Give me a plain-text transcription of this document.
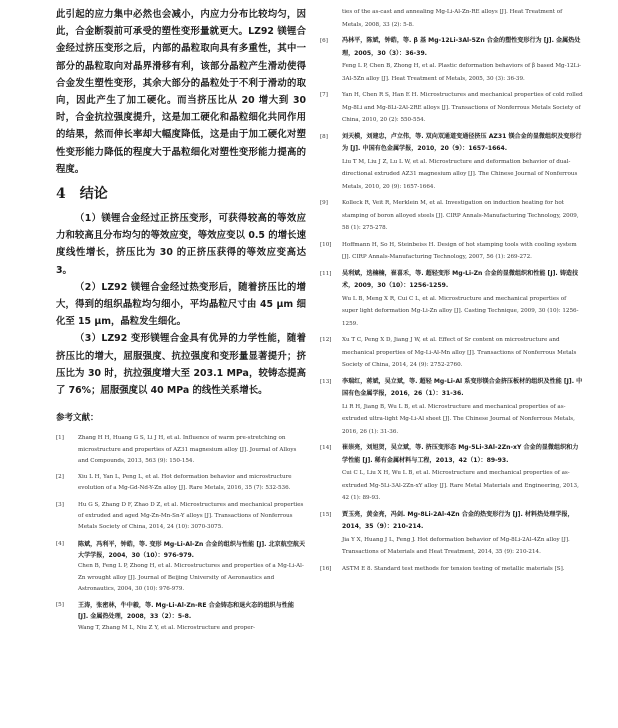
此引起的应力集中必然也会减小，内应力分布比较均匀，因此，合金断裂前可承受的塑性变形量就更大。LZ92 镁锂合金经过挤压变形之后，内部的晶粒取向具有多重性，其中一部分的晶粒取向对晶界滑移有利，该部分晶粒产生滑动使得合金发生塑性变形，其余大部分的晶粒处于不利于滑动的取向，因此产生了加工硬化。而当挤压比从 20 增大到 30 时，合金抗拉强度提升，这是加工硬化和晶粒细化共同作用的结果，然而伸长率却大幅度降低，这是由于加工硬化对塑性变形能力降低的程度大于晶粒细化对塑性变形能力提高的程度。

4 结论

（1）镁锂合金经过正挤压变形，可获得较高的等效应力和较高且分布均匀的等效应变，等效应变以 0.5 的增长速度线性增长，挤压比为 30 的正挤压获得的等效应变高达 3。

（2）LZ92 镁锂合金经过热变形后，随着挤压比的增大，得到的组织晶粒均匀细小，平均晶粒尺寸由 45 μm 细化至 15 μm，晶粒发生细化。

（3）LZ92 变形镁锂合金具有优异的力学性能，随着挤压比的增大，屈服强度、抗拉强度和变形量显著提升；挤压比为 30 时，抗拉强度增大至 203.1 MPa，较铸态提高了 76%；屈服强度以 40 MPa 的线性关系增长。

参考文献：
[1]	Zhang H H, Huang G S, Li J H, et al. Influence of warm pre-stretching on microstructure and properties of AZ31 magnesium alloy [J]. Journal of Alloys and Compounds, 2013, 563 (9): 150-154.
[2]	Xiu L H, Yan L, Peng L, et al. Hot deformation behavior and microstructure evolution of a Mg-Gd-Nd-Y-Zn alloy [J]. Rare Metals, 2016, 35 (7): 532-536.
[3]	Hu G S, Zhang D F, Zhao D Z, et al. Microstructures and mechanical properties of extruded and aged Mg-Zn-Mn-Sn-Y alloys [J]. Transactions of Nonferrous Metals Society of China, 2014, 24 (10): 3070-3075.
[4] 陈斌，冯利平，钟皓，等. 变形 Mg-Li-Al-Zn 合金的组织与性能 [J]. 北京航空航天大学学报，2004，30（10）：976-979.
Chen B, Feng L P, Zhong H, et al. Microstructures and properties of a Mg-Li-Al-Zn wrought alloy [J]. Journal of Beijing University of Aeronautics and Astronautics, 2004, 30 (10): 976-979.
[5] 王涛，张密林，牛中毅，等. Mg-Li-Al-Zn-RE 合金铸态和退火态的组织与性能 [J]. 金属热处理，2008，33（2）：5-8.
Wang T, Zhang M L, Niu Z Y, et al. Microstructure and proper-
ties of the as-cast and annealing Mg-Li-Al-Zn-RE alloys [J]. Heat Treatment of Metals, 2008, 33 (2): 5-8.
[6] 冯林平，陈斌，钟皓，等. β 基 Mg-12Li-3Al-5Zn 合金的塑性变形行为 [J]. 金属热处理，2005，30（3）：36-39.
Feng L P, Chen B, Zhong H, et al. Plastic deformation behaviors of β based Mg-12Li-3Al-5Zn alloy [J]. Heat Treatment of Metals, 2005, 30 (3): 36-39.
[7]	Yan H, Chen R S, Han E H. Microstructures and mechanical properties of cold rolled Mg-8Li and Mg-8Li-2Al-2RE alloys [J]. Transactions of Nonferrous Metals Society of China, 2010, 20 (2): 550-554.
[8] 刘天模，刘建忠，卢立伟，等. 双向双通道变通径挤压 AZ31 镁合金的显微组织及变形行为 [J]. 中国有色金属学报，2010，20（9）：1657-1664.
Liu T M, Liu J Z, Lu L W, et al. Microstructure and deformation behavior of dual-directional extruded AZ31 magnesium alloy [J]. The Chinese Journal of Nonferrous Metals, 2010, 20 (9): 1657-1664.
[9]	Kolleck R, Veit R, Merklein M, et al. Investigation on induction heating for hot stamping of boron alloyed steels [J]. CIRP Annals-Manufacturing Technology, 2009, 58 (1): 275-278.
[10] Hoffmann H, So H, Steinbeiss H. Design of hot stamping tools with cooling system [J]. CIRP Annals-Manufacturing Technology, 2007, 56 (1): 269-272.
[11] 吴利斌，迭楠楠，崔喜禾，等. 超轻变形 Mg-Li-Zn 合金的显微组织和性能 [J]. 铸造技术，2009，30（10）：1256-1259.
Wu L B, Meng X R, Cui C L, et al. Microstructure and mechanical properties of super light deformation Mg-Li-Zn alloy [J]. Casting Technique, 2009, 30 (10): 1256-1259.
[12] Xu T C, Peng X D, Jiang J W, et al. Effect of Sr content on microstructure and mechanical properties of Mg-Li-Al-Mn alloy [J]. Transactions of Nonferrous Metals Society of China, 2014, 24 (9): 2752-2760.
[13] 李瑞红，蒋斌，吴立斌，等. 超轻 Mg-Li-Al 系变形镁合金挤压板材的组织及性能 [J]. 中国有色金属学报，2016，26（1）：31-36.
Li R H, Jiang B, Wu L B, et al. Microstructure and mechanical properties of as-extruded ultra-light Mg-Li-Al sheet [J]. The Chinese Journal of Nonferrous Metals, 2016, 26 (1): 31-36.
[14] 崔崇亮，刘旭贺，吴立斌，等. 挤压变形态 Mg-5Li-3Al-2Zn-xY 合金的显微组织和力学性能 [J]. 稀有金属材料与工程，2013，42（1）：89-93.
Cui C L, Liu X H, Wu L B, et al. Microstructure and mechanical properties of as-extruded Mg-5Li-3Al-2Zn-xY alloy [J]. Rare Metal Materials and Engineering, 2013, 42 (1): 89-93.
[15] 贾玉亮，黄金亮，冯剑. Mg-8Li-2Al-4Zn 合金的热变形行为 [J]. 材料热处理学报，2014，35（9）：210-214.
Jia Y X, Huang J L, Feng J. Hot deformation behavior of Mg-8Li-2Al-4Zn alloy [J]. Transactions of Materials and Heat Treatment, 2014, 35 (9): 210-214.
[16] ASTM E 8. Standard test methods for tension testing of metallic materials [S].
